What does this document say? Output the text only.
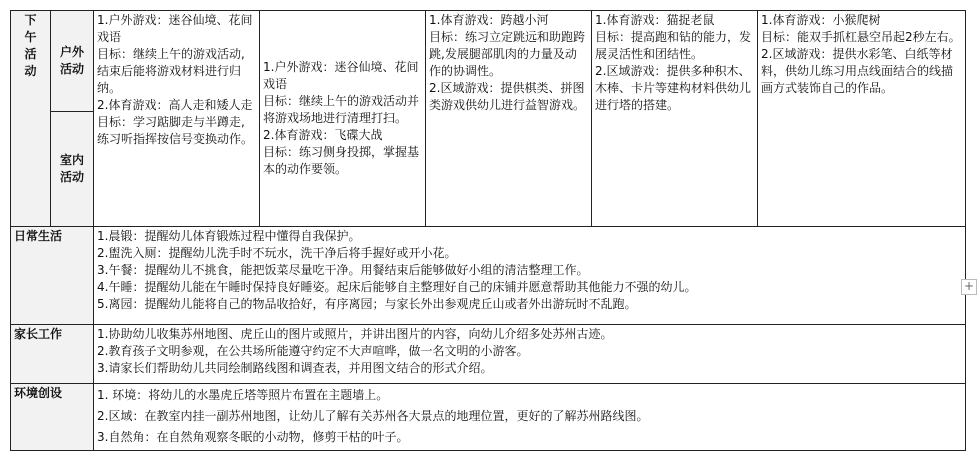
下午活动	户外活动	1.户外游戏：迷谷仙境、花间戏语
目标：继续上午的游戏活动,结束后能将游戏材料进行归纳。
2.体育游戏：高人走和矮人走
目标：学习踮脚走与半蹲走,练习听指挥按信号变换动作。	1.户外游戏：迷谷仙境、花间戏语
目标：继续上午的游戏活动并将游戏场地进行清理打扫。
2.体育游戏：飞碟大战
目标：练习侧身投掷，掌握基本的动作要领。	1.体育游戏：跨越小河
目标：练习立定跳远和助跑跨跳,发展腿部肌肉的力量及动作的协调性。
2.区域游戏：提供棋类、拼图类游戏供幼儿进行益智游戏。	1.体育游戏：猫捉老鼠
目标：提高跑和钻的能力，发展灵活性和团结性。
2.区域游戏：提供多种积木、木棒、卡片等建构材料供幼儿进行塔的搭建。	1.体育游戏：小猴爬树
目标：能双手抓杠悬空吊起2秒左右。
2.区域游戏：提供水彩笔、白纸等材料，供幼儿练习用点线面结合的线描画方式装饰自己的作品。

	室内活动					
日常生活		1.晨锻：提醒幼儿体育锻炼过程中懂得自我保护。
2.盥洗入厕：提醒幼儿洗手时不玩水，洗干净后将手握好或开小花。
3.午餐：提醒幼儿不挑食，能把饭菜尽量吃干净。用餐结束后能够做好小组的清洁整理工作。
4.午睡：提醒幼儿能在午睡时保持良好睡姿。起床后能够自主整理好自己的床铺并愿意帮助其他能力不强的幼儿。
5.离园：提醒幼儿能将自己的物品收拾好，有序离园；与家长外出参观虎丘山或者外出游玩时不乱跑。				

家长工作		1.协助幼儿收集苏州地图、虎丘山的图片或照片，并讲出图片的内容，向幼儿介绍多处苏州古迹。
2.教育孩子文明参观，在公共场所能遵守约定不大声喧哗，做一名文明的小游客。
3.请家长们帮助幼儿共同绘制路线图和调查表，并用图文结合的形式介绍。				

环境创设		1. 环境：将幼儿的水墨虎丘塔等照片布置在主题墙上。
2.区域：在教室内挂一副苏州地图，让幼儿了解有关苏州各大景点的地理位置，更好的了解苏州路线图。
3.自然角：在自然角观察冬眠的小动物，修剪干枯的叶子。				
+
